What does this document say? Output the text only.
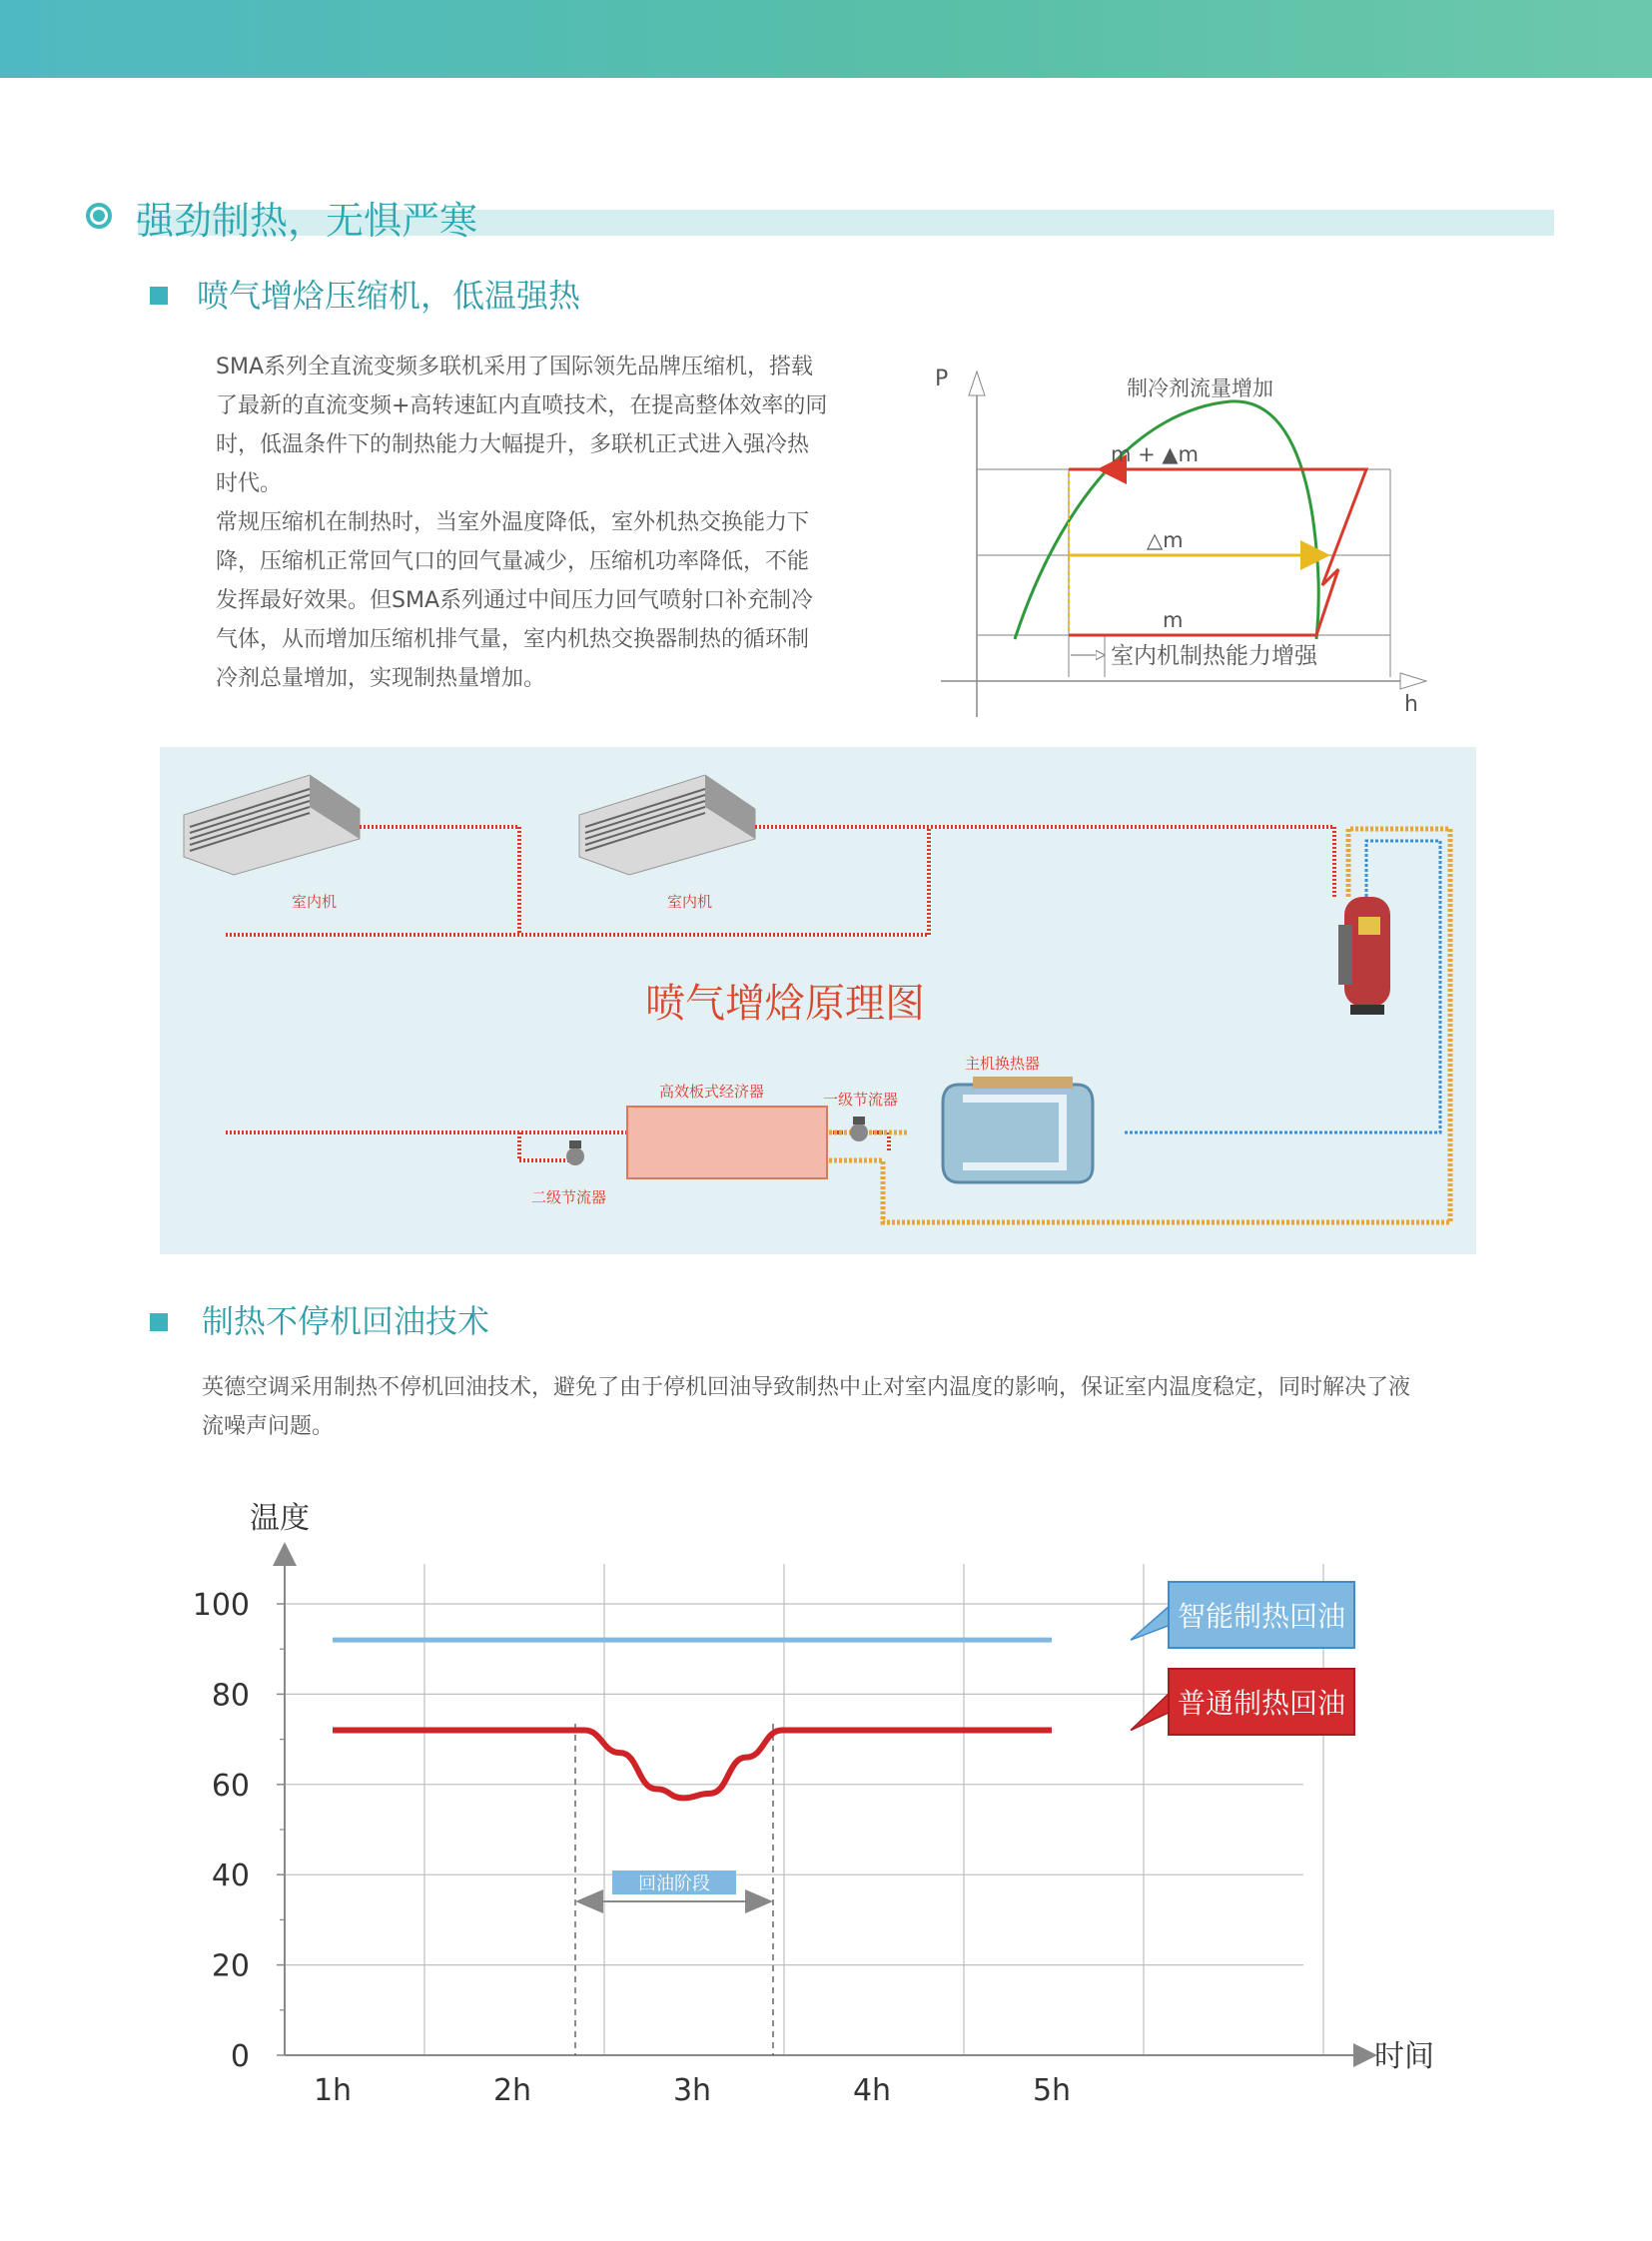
强劲制热，无惧严寒
喷气增焓压缩机，低温强热

SMA系列全直流变频多联机采用了国际领先品牌压缩机，搭载

了最新的直流变频+高转速缸内直喷技术，在提高整体效率的同

时，低温条件下的制热能力大幅提升，多联机正式进入强冷热

时代。

常规压缩机在制热时，当室外温度降低，室外机热交换能力下

降，压缩机正常回气口的回气量减少，压缩机功率降低，不能

发挥最好效果。但SMA系列通过中间压力回气喷射口补充制冷

气体，从而增加压缩机排气量，室内机热交换器制热的循环制

冷剂总量增加，实现制热量增加。

P
h
制冷剂流量增加
m + ▲m
△m
m
室内机制热能力增强
室内机	室内机
喷气增焓原理图
高效板式经济器	一级节流器
二级节流器
主机换热器
制热不停机回油技术
英德空调采用制热不停机回油技术，避免了由于停机回油导致制热中止对室内温度的影响，保证室内温度稳定，同时解决了液
流噪声问题。
0
20
40
60
80
100
1h	2h	3h	4h	5h
温度
时间
回油阶段
智能制热回油
普通制热回油
